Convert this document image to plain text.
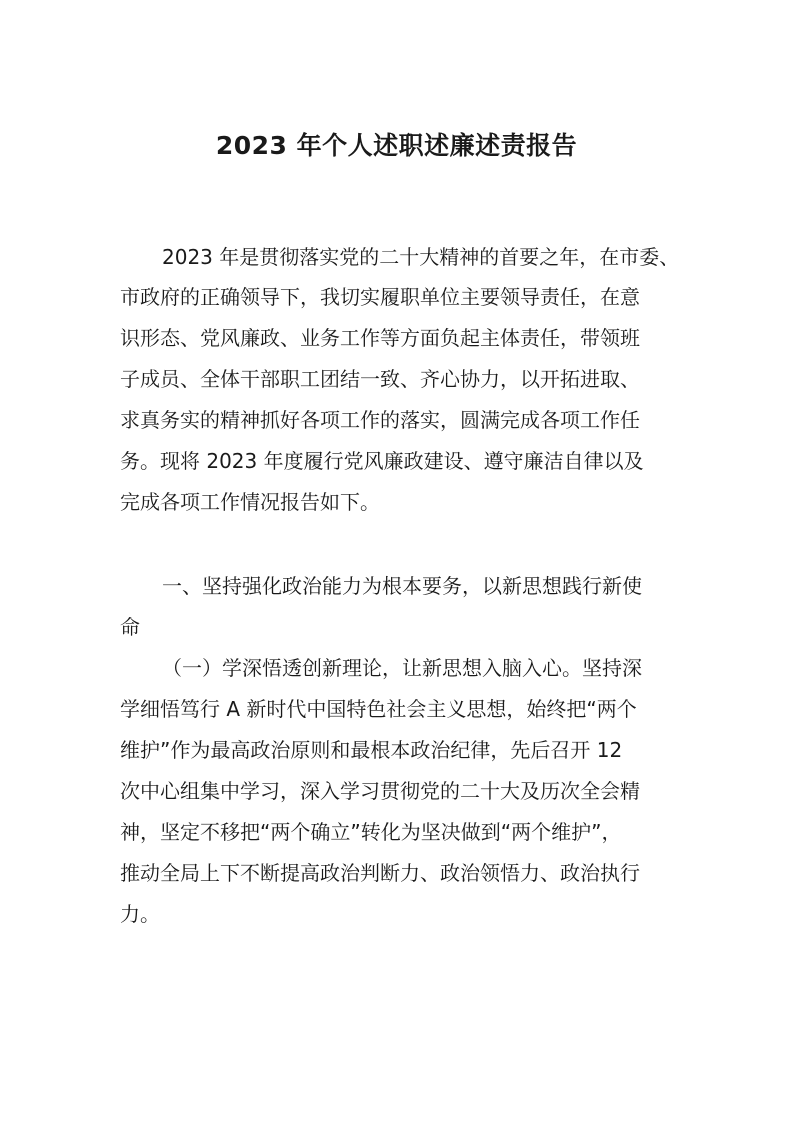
2023 年个人述职述廉述责报告
2023 年是贯彻落实党的二十大精神的首要之年，在市委、
市政府的正确领导下，我切实履职单位主要领导责任，在意
识形态、党风廉政、业务工作等方面负起主体责任，带领班
子成员、全体干部职工团结一致、齐心协力，以开拓进取、
求真务实的精神抓好各项工作的落实，圆满完成各项工作任
务。现将 2023 年度履行党风廉政建设、遵守廉洁自律以及
完成各项工作情况报告如下。
一、坚持强化政治能力为根本要务，以新思想践行新使
命
（一）学深悟透创新理论，让新思想入脑入心。坚持深
学细悟笃行 A 新时代中国特色社会主义思想，始终把“两个
维护”作为最高政治原则和最根本政治纪律，先后召开 12
次中心组集中学习，深入学习贯彻党的二十大及历次全会精
神，坚定不移把“两个确立”转化为坚决做到“两个维护”，
推动全局上下不断提高政治判断力、政治领悟力、政治执行
力。
